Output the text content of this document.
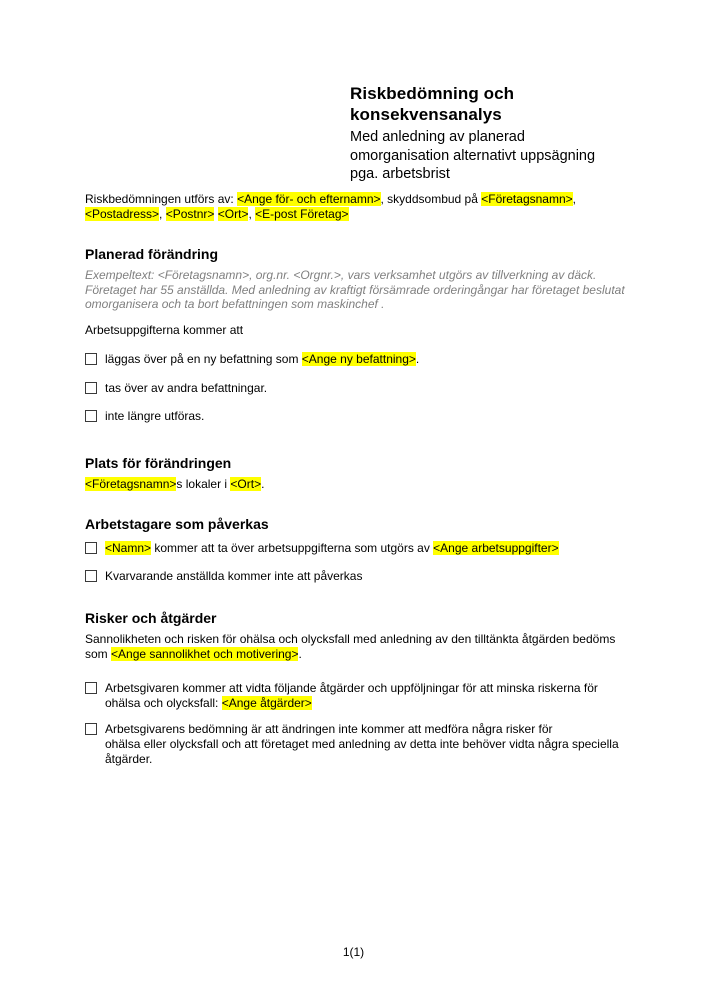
Riskbedömning och konsekvensanalys
Med anledning av planerad omorganisation alternativt uppsägning pga. arbetsbrist
Riskbedömningen utförs av: <Ange för- och efternamn>, skyddsombud på <Företagsnamn>,
<Postadress>, <Postnr> <Ort>, <E-post Företag>
Planerad förändring
Exempeltext: <Företagsnamn>, org.nr. <Orgnr.>, vars verksamhet utgörs av tillverkning av däck.
Företaget har 55 anställda. Med anledning av kraftigt försämrade orderingångar har företaget beslutat
omorganisera och ta bort befattningen som maskinchef .
Arbetsuppgifterna kommer att
läggas över på en ny befattning som <Ange ny befattning>.
tas över av andra befattningar.
inte längre utföras.
Plats för förändringen
<Företagsnamn>s lokaler i <Ort>.
Arbetstagare som påverkas
<Namn> kommer att ta över arbetsuppgifterna som utgörs av <Ange arbetsuppgifter>
Kvarvarande anställda kommer inte att påverkas
Risker och åtgärder
Sannolikheten och risken för ohälsa och olycksfall med anledning av den tilltänkta åtgärden bedöms
som <Ange sannolikhet och motivering>.
Arbetsgivaren kommer att vidta följande åtgärder och uppföljningar för att minska riskerna för
ohälsa och olycksfall: <Ange åtgärder>
Arbetsgivarens bedömning är att ändringen inte kommer att medföra några risker för
ohälsa eller olycksfall och att företaget med anledning av detta inte behöver vidta några speciella
åtgärder.
1(1)
